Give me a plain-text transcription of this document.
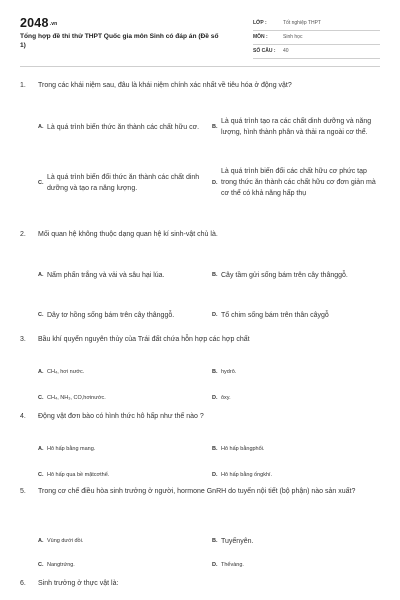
2048.vn
Tổng hợp đề thi thử THPT Quốc gia môn Sinh có đáp án (Đề số 1)
LỚP :	Tốt nghiệp THPT
MÔN :	Sinh học
SỐ CÂU : 40
1.	Trong các khái niệm sau, đâu là khái niệm chính xác nhất về tiêu hóa ở động vật?
A. Là quá trình biến thức ăn thành các chất hữu cơ. B.
Là quá trình tạo ra các chất dinh dưỡng và năng lượng, hình thành phân và thải ra ngoài cơ thể.
C.
Là quá trình biến đổi thức ăn thành các chất dinh dưỡng và tạo ra năng lượng.
D.
Là quá trình biến đổi các chất hữu cơ phức tạp trong thức ăn thành các chất hữu cơ đơn giản mà cơ thể có khả năng hấp thụ
2.	Mối quan hệ không thuộc dạng quan hệ kí sinh-vật chủ là.
A. Nấm phấn trắng và vải và sâu hại lúa.	B. Cây tầm gửi sống bám trên cây thânggỗ.
C. Dây tơ hồng sống bám trên cây thânggỗ.	D. Tổ chim sống bám trên thân câygỗ
3.	Bầu khí quyển nguyên thủy của Trái đất chứa hỗn hợp các hợp chất
A. CH₄, hơi nước.	B. hydrô.
C. CH₄, NH₃, CO,hơinước.	D. ôxy.
4.	Động vật đơn bào có hình thức hô hấp như thế nào ?
A. Hô hấp bằng mang.	B. Hô hấp bằngphổi.
C. Hô hấp qua bề mặtcơthể.	D. Hô hấp bằng ốngkhí.
5.	Trong cơ chế điều hòa sinh trưởng ở người, hormone GnRH do tuyến nội tiết (bộ phận) nào sản xuất?
A. Vùng dưới đồi.	B. Tuyếnyên.
C. Nangtrứng.	D. Thểvàng.
6.	Sinh trưởng ở thực vật là:
